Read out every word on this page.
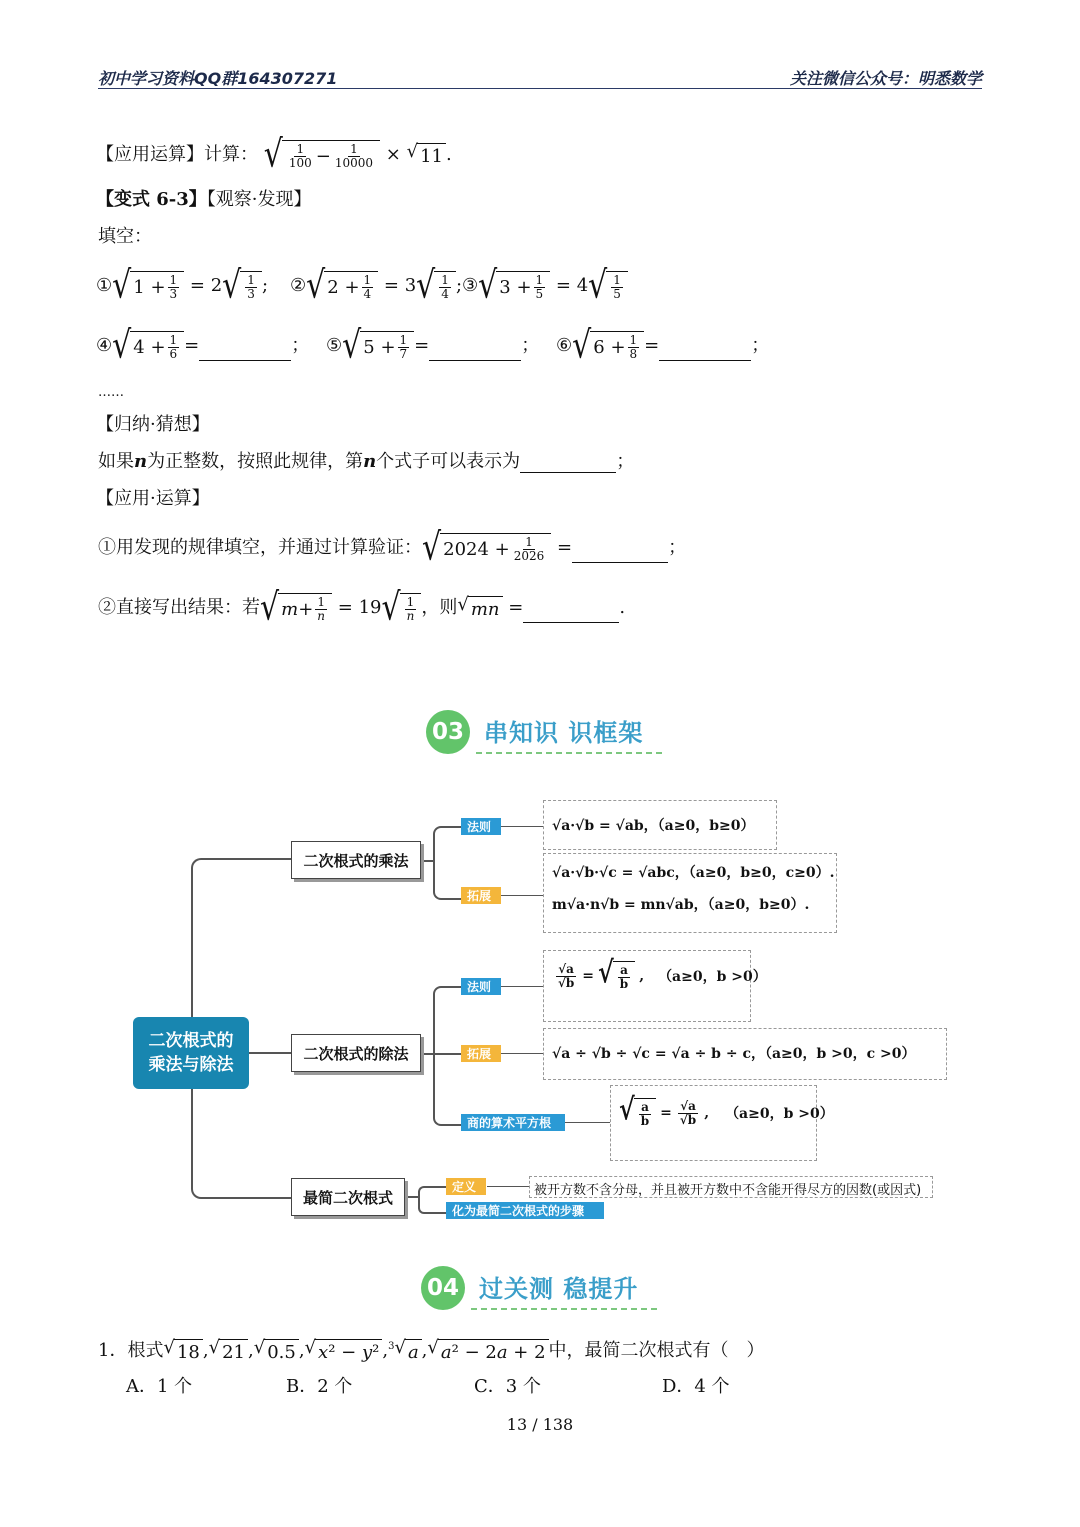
初中学习资料QQ群164307271	关注微信公众号：明悉数学
【应用运算】计算： √ $\frac{1}{100} - \frac{1}{10000}$ × √ 11 .
【变式 6-3】【观察·发现】
填空：
① √ $1 + \frac{1}{3} = 2$ √ $\frac{1}{3}$ ; ② √ $2 + \frac{1}{4} = 3$ √ $\frac{1}{4}$ ; ③ √ $3 + \frac{1}{5} = 4$ √ $\frac{1}{5}$
④ √ $4 + \frac{1}{6}$ =	； ⑤ √ $5 + \frac{1}{7}$ =	； ⑥ √ $6 + \frac{1}{8}$ =	；
……
【归纳·猜想】
如果n为正整数，按照此规律，第n个式子可以表示为	；
【应用·运算】
①用发现的规律填空，并通过计算验证： √ $2024 + \frac{1}{2026}$ =	；
②直接写出结果：若 √ $m + \frac{1}{n} = 19$ √ $\frac{1}{n}$ ，则 √ mn =	.
03 串知识 识框架
二次根式的
乘法与除法
二次根式的乘法
二次根式的除法
最简二次根式
法则
拓展
法则
拓展
商的算术平方根
定义
化为最简二次根式的步骤
√a·√b = √ab，（a≥0，b≥0）
√a·√b·√c = √abc，（a≥0，b≥0，c≥0）.
m√a·n√b = mn√ab，（a≥0，b≥0）.
$\frac{√a}{√b}$ = √ $\frac{a}{b}$ , （a≥0，b >0）
√a ÷ √b ÷ √c = √a ÷ b ÷ c，（a≥0，b >0，c >0）
√ $\frac{a}{b} = \frac{√a}{√b}$ , （a≥0，b >0）
被开方数不含分母，并且被开方数中不含能开得尽方的因数(或因式)
04 过关测 稳提升
1．根式 √ 18 , √ 21 , √ 0.5 , √ x ² − y ² ,$^3$ √ a , √ a ² − 2 a + 2 中，最简二次根式有（　）
A．1 个	B．2 个	C．3 个	D．4 个
13 / 138
